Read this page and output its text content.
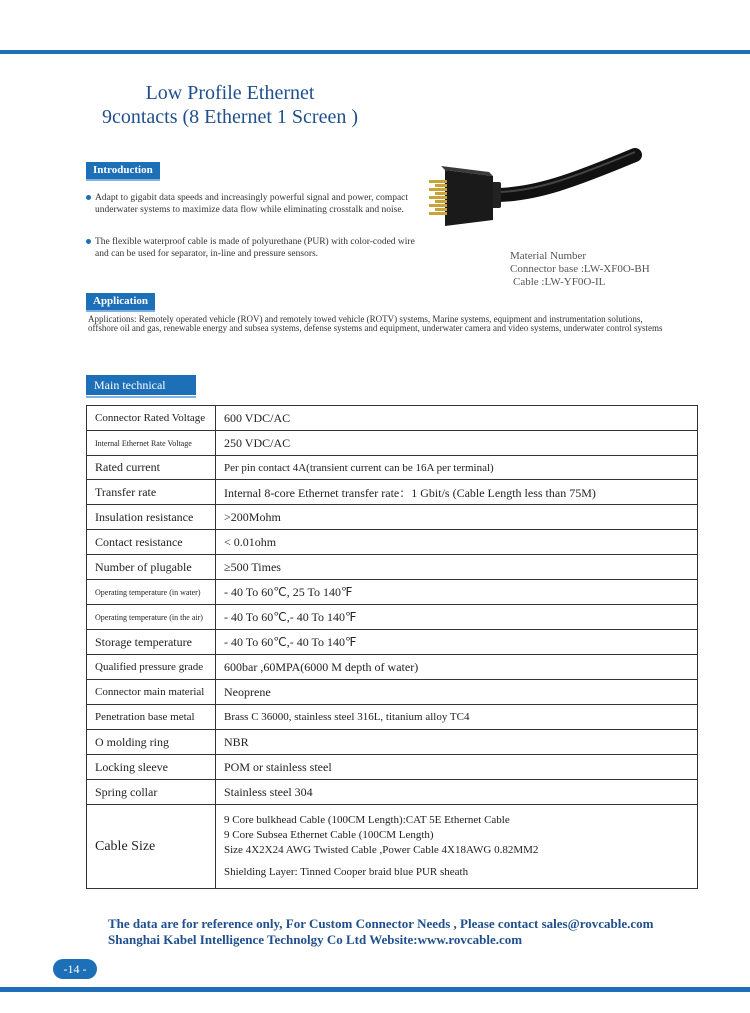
Low Profile Ethernet
9contacts (8 Ethernet 1 Screen )
Introduction
Adapt to gigabit data speeds and increasingly powerful signal and power, compact underwater systems to maximize data flow while eliminating crosstalk and noise.
The flexible waterproof cable is made of polyurethane (PUR) with color-coded wire and can be used for separator, in-line and pressure sensors.	Material Number
Connector base :LW-XF0O-BH
Cable :LW-YF0O-IL
Application
Applications: Remotely operated vehicle (ROV) and remotely towed vehicle (ROTV) systems, Marine systems, equipment and instrumentation solutions, offshore oil and gas, renewable energy and subsea systems, defense systems and equipment, underwater camera and video systems, underwater control systems
Main technical
Connector Rated Voltage	600 VDC/AC
Internal Ethernet Rate Voltage	250 VDC/AC
Rated current	Per pin contact 4A(transient current can be 16A per terminal)
Transfer rate	Internal 8-core Ethernet transfer rate：1 Gbit/s (Cable Length less than 75M)
Insulation resistance	>200Mohm
Contact resistance	< 0.01ohm
Number of plugable	≥500 Times
Operating temperature (in water)	- 40 To 60℃, 25 To 140℉
Operating temperature (in the air)	- 40 To 60℃,- 40 To 140℉
Storage temperature	- 40 To 60℃,- 40 To 140℉
Qualified pressure grade	600bar ,60MPA(6000 M depth of water)
Connector main material	Neoprene
Penetration base metal	Brass C 36000, stainless steel 316L, titanium alloy TC4
O molding ring	NBR
Locking sleeve	POM or stainless steel
Spring collar	Stainless steel 304
Cable Size	9 Core bulkhead Cable (100CM Length):CAT 5E Ethernet Cable
9 Core Subsea Ethernet Cable (100CM Length)
Size 4X2X24 AWG Twisted Cable ,Power Cable 4X18AWG 0.82MM2
Shielding Layer: Tinned Cooper braid blue PUR sheath
The data are for reference only, For Custom Connector Needs , Please contact sales@rovcable.com
Shanghai Kabel Intelligence Technolgy Co Ltd Website:www.rovcable.com
-14 -
